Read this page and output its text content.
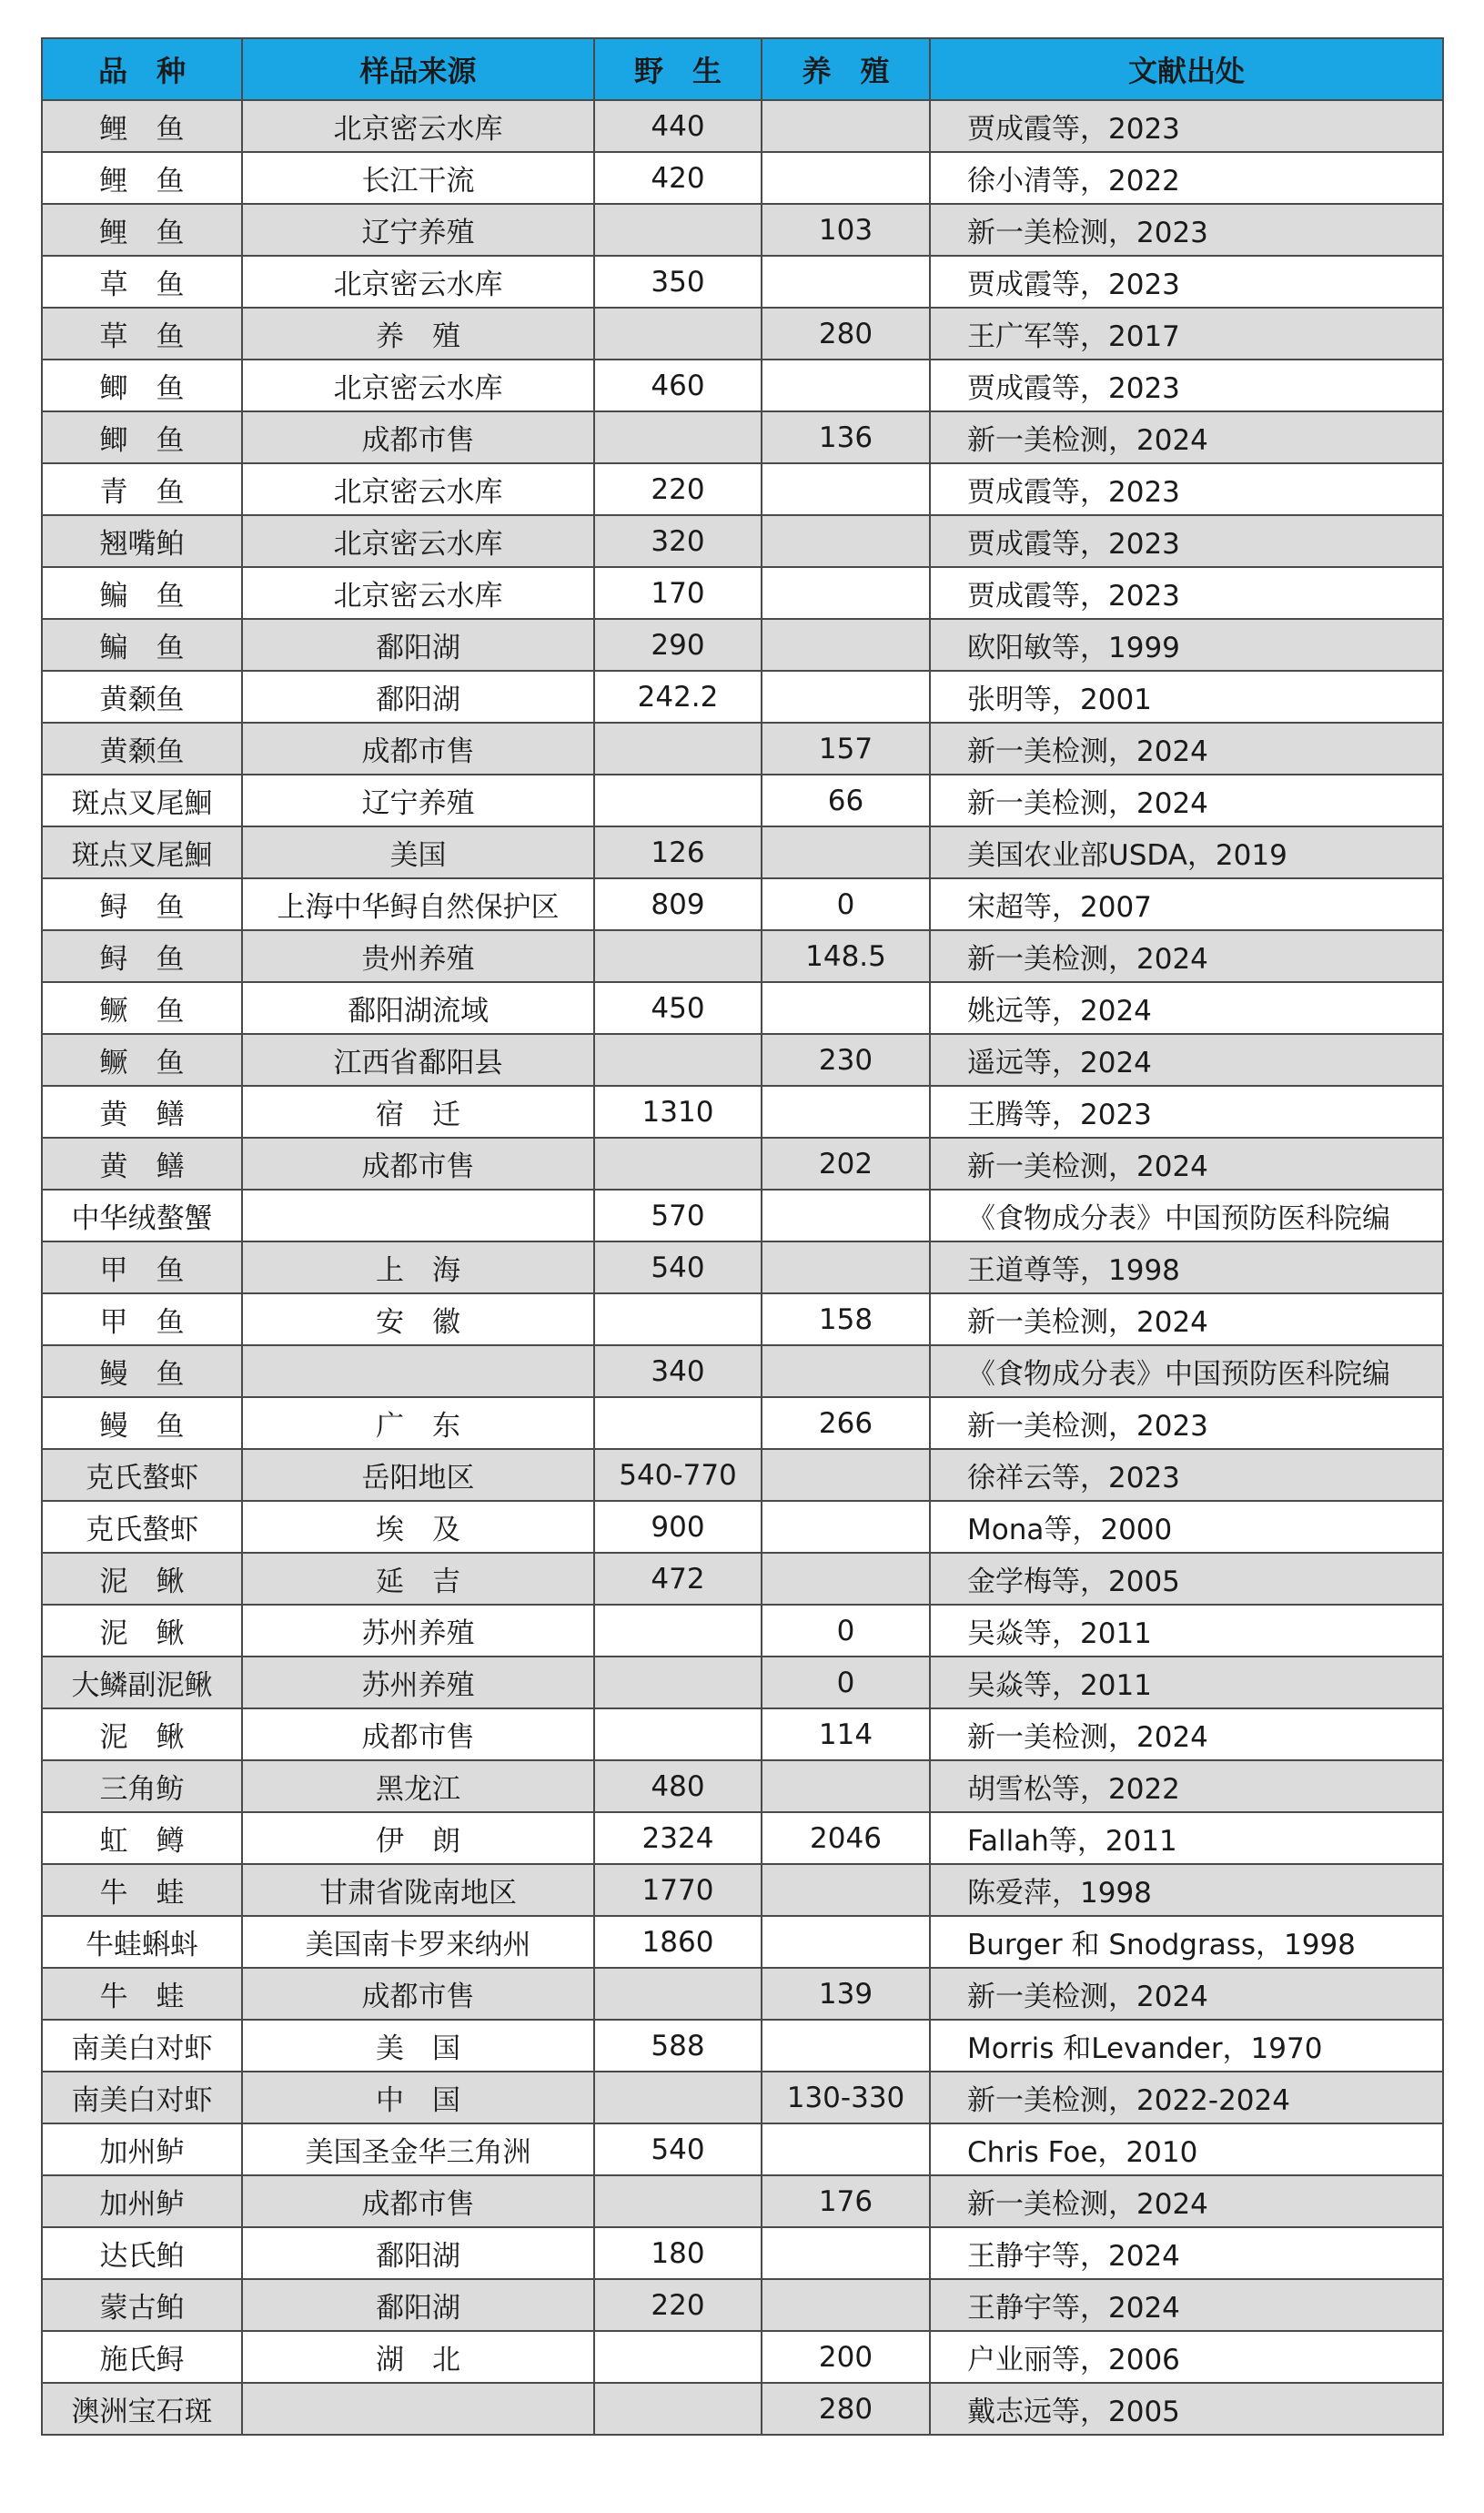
品　种	样品来源	野　生	养　殖	文献出处
鲤　鱼	北京密云水库	440		贾成霞等，2023
鲤　鱼	长江干流	420		徐小清等，2022
鲤　鱼	辽宁养殖		103	新一美检测，2023
草　鱼	北京密云水库	350		贾成霞等，2023
草　鱼	养　殖		280	王广军等，2017
鲫　鱼	北京密云水库	460		贾成霞等，2023
鲫　鱼	成都市售		136	新一美检测，2024
青　鱼	北京密云水库	220		贾成霞等，2023
翘嘴鲌	北京密云水库	320		贾成霞等，2023
鳊　鱼	北京密云水库	170		贾成霞等，2023
鳊　鱼	鄱阳湖	290		欧阳敏等，1999
黄颡鱼	鄱阳湖	242.2		张明等，2001
黄颡鱼	成都市售		157	新一美检测，2024
斑点叉尾鮰	辽宁养殖		66	新一美检测，2024
斑点叉尾鮰	美国	126		美国农业部USDA，2019
鲟　鱼	上海中华鲟自然保护区	809	0	宋超等，2007
鲟　鱼	贵州养殖		148.5	新一美检测，2024
鳜　鱼	鄱阳湖流域	450		姚远等，2024
鳜　鱼	江西省鄱阳县		230	遥远等，2024
黄　鳝	宿　迁	1310		王腾等，2023
黄　鳝	成都市售		202	新一美检测，2024
中华绒螯蟹		570		《食物成分表》中国预防医科院编
甲　鱼	上　海	540		王道尊等，1998
甲　鱼	安　徽		158	新一美检测，2024
鳗　鱼		340		《食物成分表》中国预防医科院编
鳗　鱼	广　东		266	新一美检测，2023
克氏螯虾	岳阳地区	540-770		徐祥云等，2023
克氏螯虾	埃　及	900		Mona等，2000
泥　鳅	延　吉	472		金学梅等，2005
泥　鳅	苏州养殖		0	吴焱等，2011
大鳞副泥鳅	苏州养殖		0	吴焱等，2011
泥　鳅	成都市售		114	新一美检测，2024
三角鲂	黑龙江	480		胡雪松等，2022
虹　鳟	伊　朗	2324	2046	Fallah等，2011
牛　蛙	甘肃省陇南地区	1770		陈爱萍，1998
牛蛙蝌蚪	美国南卡罗来纳州	1860		Burger 和 Snodgrass，1998
牛　蛙	成都市售		139	新一美检测，2024
南美白对虾	美　国	588		Morris 和Levander，1970
南美白对虾	中　国		130-330	新一美检测，2022-2024
加州鲈	美国圣金华三角洲	540		Chris Foe，2010
加州鲈	成都市售		176	新一美检测，2024
达氏鲌	鄱阳湖	180		王静宇等，2024
蒙古鲌	鄱阳湖	220		王静宇等，2024
施氏鲟	湖　北		200	户业丽等，2006
澳洲宝石斑			280	戴志远等，2005
